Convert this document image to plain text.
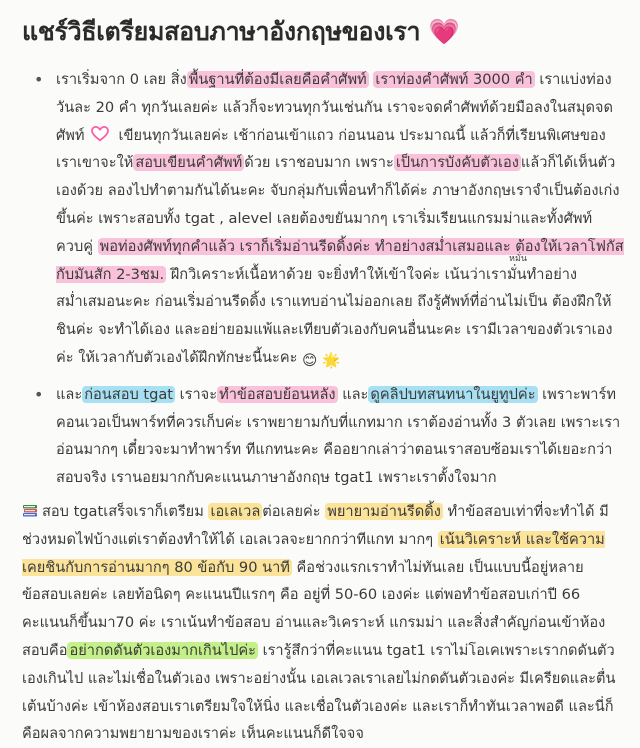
แชร์วิธีเตรียมสอบภาษาอังกฤษของเรา 💗
• เราเริ่มจาก 0 เลย สิ่ง พื้นฐานที่ต้องมีเลยคือคำศัพท์ เราท่องคำศัพท์ 3000 คำ เราแบ่งท่องวันละ 20 คำ ทุกวันเลยค่ะ แล้วก็จะทวนทุกวันเช่นกัน เราจะจดคำศัพท์ด้วยมือลงในสมุดจดศัพท์ เขียนทุกวันเลยค่ะ เช้าก่อนเข้าแถว ก่อนนอน ประมาณนี้ แล้วก็ที่เรียนพิเศษของเราเขาจะให้ สอบเขียนคำศัพท์ ด้วย เราชอบมาก เพราะ เป็นการบังคับตัวเอง แล้วก็ได้เห็นตัวเองด้วย ลองไปทำตามกันได้นะคะ จับกลุ่มกับเพื่อนทำก็ได้ค่ะ ภาษาอังกฤษเราจำเป็นต้องเก่งขึ้นค่ะ เพราะสอบทั้ง tgat , alevel เลยต้องขยันมากๆ เราเริ่มเรียนแกรมม่าและทั้งศัพท์ควบคู่ พอท่องศัพท์ทุกคำแล้ว เราก็เริ่มอ่านรีดดิ้งค่ะ ทำอย่างสม่ำเสมอและ ต้องให้เวลาโฟกัสกับมันสัก 2-3ชม. ฝึกวิเคราะห์เนื้อหาด้วย จะยิ่งทำให้เข้าใจค่ะ เน้นว่าเรา
หมั่น
มั่นทำอย่างสม่ำเสมอนะคะ ก่อนเริ่มอ่านรีดดิ้ง เราแทบอ่านไม่ออกเลย ถึงรู้ศัพท์ที่อ่านไม่เป็น ต้องฝึกให้ชินค่ะ จะทำได้เอง และอย่ายอมแพ้และเทียบตัวเองกับคนอื่นนะคะ เรามีเวลาของตัวเราเองค่ะ ให้เวลากับตัวเองได้ฝึกทักษะนี้นะคะ 😊 🌟
• และ ก่อนสอบ tgat เราจะ ทำข้อสอบย้อนหลัง และ ดูคลิปบทสนทนาในยูทูปค่ะ เพราะพาร์ทคอนเวอเป็นพาร์ทที่ควรเก็บค่ะ เราพยายามกับที่แกทมาก เราต้องอ่านทั้ง 3 ตัวเลย เพราะเราอ่อนมากๆ เดี๋ยวจะมาทำพาร์ท ทีแกทนะคะ คืออยากเล่าว่าตอนเราสอบซ้อมเราได้เยอะกว่าสอบจริง เรานอยมากกับคะแนนภาษาอังกฤษ tgat1 เพราะเราตั้งใจมาก
สอบ tgatเสร็จเราก็เตรียม เอเลเวล ต่อเลยค่ะ พยายามอ่านรีดดิ้ง ทำข้อสอบเท่าที่จะทำได้ มีช่วงหมดไฟบ้างแต่เราต้องทำให้ได้ เอเลเวลจะยากกว่าทีแกท มากๆ เน้นวิเคราะห์ และใช้ความเคยชินกับการอ่านมากๆ 80 ข้อกับ 90 นาที คือช่วงแรกเราทำไม่ทันเลย เป็นแบบนี้อยู่หลายข้อสอบเลยค่ะ เลยท้อนิดๆ คะแนนปีแรกๆ คือ อยู่ที่ 50-60 เองค่ะ แต่พอทำข้อสอบเก่าปี 66 คะแนนก็ขึ้นมา70 ค่ะ เราเน้นทำข้อสอบ อ่านและวิเคราะห์ แกรมม่า และสิ่งสำคัญก่อนเข้าห้องสอบคือ อย่ากดดันตัวเองมากเกินไปค่ะ เรารู้สึกว่าที่คะแนน tgat1 เราไม่โอเคเพราะเรากดดันตัวเองเกินไป และไม่เชื่อในตัวเอง เพราะอย่างนั้น เอเลเวลเราเลยไม่กดดันตัวเองค่ะ มีเครียดและตื่นเต้นบ้างค่ะ เข้าห้องสอบเราเตรียมใจให้นิ่ง และเชื่อในตัวเองค่ะ และเราก็ทำทันเวลาพอดี และนี่ก็คือผลจากความพยายามของเราค่ะ เห็นคะแนนก็ดีใจจจ
